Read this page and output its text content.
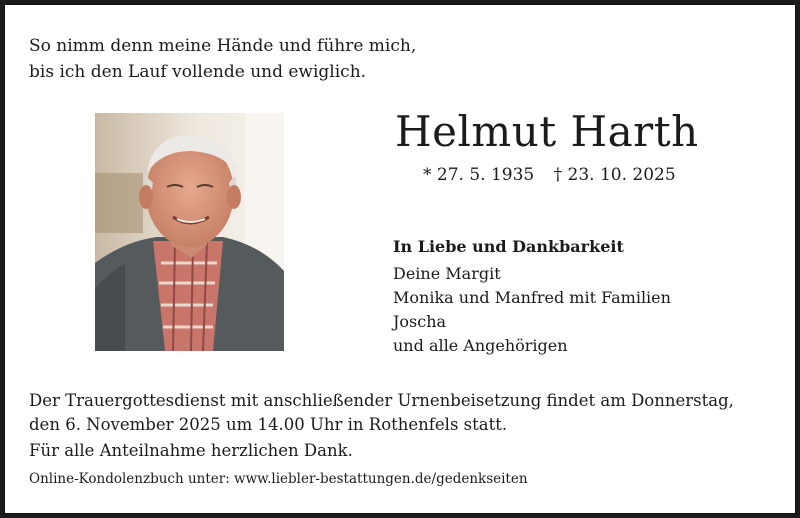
So nimm denn meine Hände und führe mich,
bis ich den Lauf vollende und ewiglich.
Helmut Harth
* 27. 5. 1935 † 23. 10. 2025
In Liebe und Dankbarkeit
Deine Margit
Monika und Manfred mit Familien
Joscha
und alle Angehörigen
Der Trauergottesdienst mit anschließender Urnenbeisetzung findet am Donnerstag,
den 6. November 2025 um 14.00 Uhr in Rothenfels statt.
Für alle Anteilnahme herzlichen Dank.
Online-Kondolenzbuch unter: www.liebler-bestattungen.de/gedenkseiten
